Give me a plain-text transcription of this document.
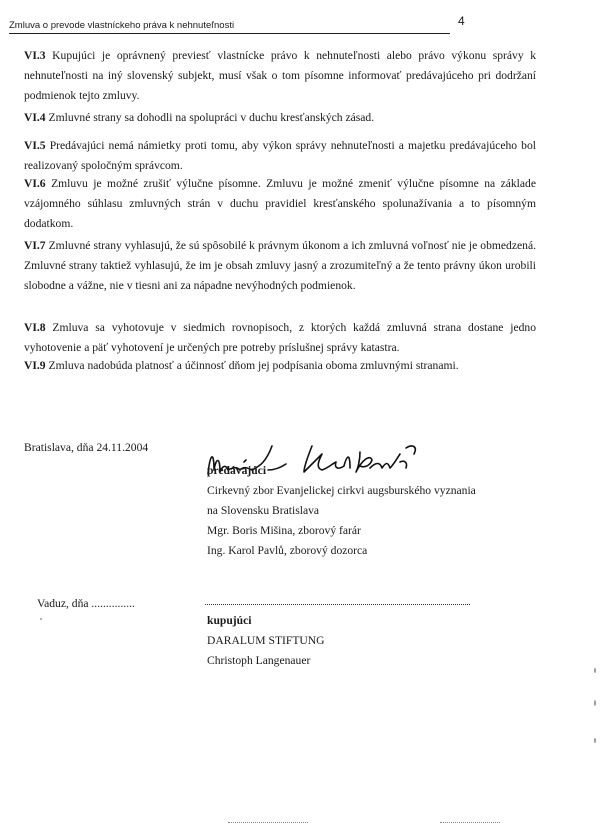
Zmluva o prevode vlastníckeho práva k nehnuteľnosti	4

VI.3 Kupujúci je oprávnený previesť vlastnícke právo k nehnuteľnosti alebo právo výkonu správy k nehnuteľnosti na iný slovenský subjekt, musí však o tom písomne informovať predávajúceho pri dodržaní podmienok tejto zmluvy.

VI.4 Zmluvné strany sa dohodli na spolupráci v duchu kresťanských zásad.

VI.5 Predávajúci nemá námietky proti tomu, aby výkon správy nehnuteľnosti a majetku predávajúceho bol realizovaný spoločným správcom.

VI.6 Zmluvu je možné zrušiť výlučne písomne. Zmluvu je možné zmeniť výlučne písomne na základe vzájomného súhlasu zmluvných strán v duchu pravidiel kresťanského spolunažívania a to písomným dodatkom.

VI.7 Zmluvné strany vyhlasujú, že sú spôsobilé k právnym úkonom a ich zmluvná voľnosť nie je obmedzená. Zmluvné strany taktiež vyhlasujú, že im je obsah zmluvy jasný a zrozumiteľný a že tento právny úkon urobili slobodne a vážne, nie v tiesni ani za nápadne nevýhodných podmienok.

VI.8 Zmluva sa vyhotovuje v siedmich rovnopisoch, z ktorých každá zmluvná strana dostane jedno vyhotovenie a päť vyhotovení je určených pre potreby príslušnej správy katastra.

VI.9 Zmluva nadobúda platnosť a účinnosť dňom jej podpísania oboma zmluvnými stranami.

Bratislava, dňa 24.11.2004
predávajúci
Cirkevný zbor Evanjelickej cirkvi augsburského vyznania
na Slovensku Bratislava
Mgr. Boris Mišina, zborový farár
Ing. Karol Pavlů, zborový dozorca
Vaduz, dňa ...............
kupujúci
DARALUM STIFTUNG
Christoph Langenauer
